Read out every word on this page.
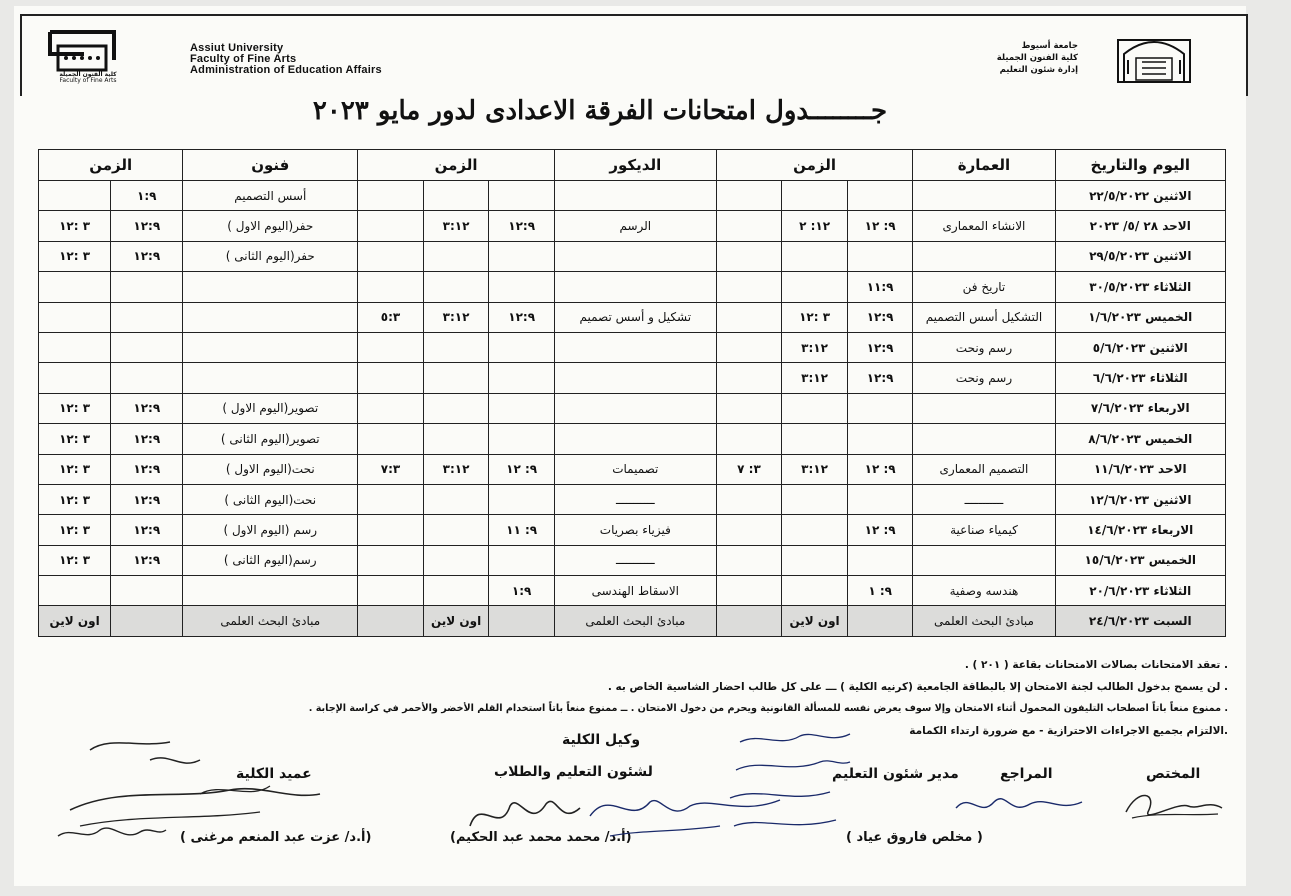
كلية الفنون الجميلة
Faculty of Fine Arts
Assiut University
Faculty of Fine Arts
Administration of Education Affairs
جامعة أسيوط
كلية الفنون الجميلة
إدارة شئون التعليم
جــــــــدول امتحانات الفرقة الاعدادى لدور مايو ٢٠٢٣
اليوم والتاريخ	العمارة	الزمن			الديكور	الزمن			فنون	الزمن	
الاثنين ٢٢/٥/٢٠٢٢									أسس التصميم	١:٩	
الاحد ٢٨ /٥/ ٢٠٢٣	الانشاء المعمارى	٩: ١٢	١٢: ٢		الرسم	١٢:٩	٣:١٢		حفر(اليوم الاول )	١٢:٩	٣ :١٢
الاثنين ٢٩/٥/٢٠٢٣									حفر(اليوم الثانى )	١٢:٩	٣ :١٢
الثلاثاء ٣٠/٥/٢٠٢٣	تاريخ فن	١١:٩									
الخميس ١/٦/٢٠٢٣	التشكيل أسس التصميم	١٢:٩	٣ :١٢		تشكيل و أسس تصميم	١٢:٩	٣:١٢	٥:٣			
الاثنين ٥/٦/٢٠٢٣	رسم ونحت	١٢:٩	٣:١٢								
الثلاثاء ٦/٦/٢٠٢٣	رسم ونحت	١٢:٩	٣:١٢								
الاربعاء ٧/٦/٢٠٢٣									تصوير(اليوم الاول )	١٢:٩	٣ :١٢
الخميس ٨/٦/٢٠٢٣									تصوير(اليوم الثانى )	١٢:٩	٣ :١٢
الاحد ١١/٦/٢٠٢٣	التصميم المعمارى	٩: ١٢	٣:١٢	٣: ٧	تصميمات	٩: ١٢	٣:١٢	٧:٣	نحت(اليوم الاول )	١٢:٩	٣ :١٢
الاثنين ١٢/٦/٢٠٢٣	ـــــــــــ				ـــــــــــ				نحت(اليوم الثانى )	١٢:٩	٣ :١٢
الاربعاء ١٤/٦/٢٠٢٣	كيمياء صناعية	٩: ١٢			فيزياء بصريات	٩: ١١			رسم (اليوم الاول )	١٢:٩	٣ :١٢
الخميس ١٥/٦/٢٠٢٣					ـــــــــــ				رسم(اليوم الثانى )	١٢:٩	٣ :١٢
الثلاثاء ٢٠/٦/٢٠٢٣	هندسه وصفية	٩: ١			الاسقاط الهندسى	١:٩					
السبت ٢٤/٦/٢٠٢٣	مبادئ البحث العلمى		اون لاين		مبادئ البحث العلمى		اون لاين		مبادئ البحث العلمى		اون لاين
. تعقد الامتحانات بصالات الامتحانات بقاعة ( ٢٠١ ) .
. لن يسمح بدخول الطالب لجنة الامتحان إلا بالبطاقة الجامعية (كرنيه الكلية ) ـــ على كل طالب احضار الشاسية الخاص به .
. ممنوع منعاً باتاً اصطحاب التليفون المحمول أثناء الامتحان وإلا سوف يعرض نفسه للمسألة القانونية ويحرم من دخول الامتحان . ــ ممنوع منعاً باتاً استخدام القلم الأخضر والأحمر في كراسة الإجابة .
.الالتزام بجميع الاجراءات الاحترازية - مع ضرورة ارتداء الكمامة
المختص
المراجع
مدير شئون التعليم
( مخلص فاروق عياد )
وكيل الكلية
لشئون التعليم والطلاب
(أ.د/ محمد محمد عبد الحكيم)
عميد الكلية
(أ.د/ عزت عبد المنعم مرغنى )
